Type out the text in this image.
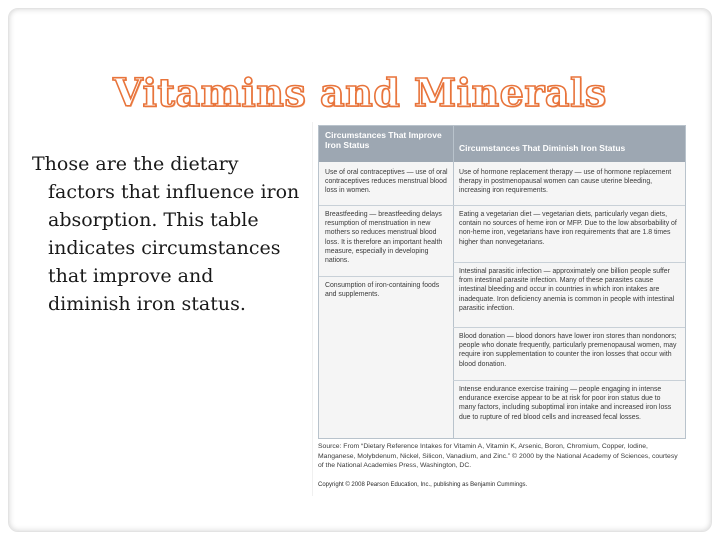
Vitamins and Minerals

Those are the dietary factors that influence iron absorption. This table indicates circumstances that improve and diminish iron status.

Circumstances That Improve Iron Status	Circumstances That Diminish Iron Status
Use of oral contraceptives — use of oral contraceptives reduces menstrual blood loss in women.
Breastfeeding — breastfeeding delays resumption of menstruation in new mothers so reduces menstrual blood loss. It is therefore an important health measure, especially in developing nations.
Consumption of iron-containing foods and supplements.
Use of hormone replacement therapy — use of hormone replacement therapy in postmenopausal women can cause uterine bleeding, increasing iron requirements.
Eating a vegetarian diet — vegetarian diets, particularly vegan diets, contain no sources of heme iron or MFP. Due to the low absorbability of non-heme iron, vegetarians have iron requirements that are 1.8 times higher than nonvegetarians.
Intestinal parasitic infection — approximately one billion people suffer from intestinal parasite infection. Many of these parasites cause intestinal bleeding and occur in countries in which iron intakes are inadequate. Iron deficiency anemia is common in people with intestinal parasitic infection.
Blood donation — blood donors have lower iron stores than nondonors; people who donate frequently, particularly premenopausal women, may require iron supplementation to counter the iron losses that occur with blood donation.
Intense endurance exercise training — people engaging in intense endurance exercise appear to be at risk for poor iron status due to many factors, including suboptimal iron intake and increased iron loss due to rupture of red blood cells and increased fecal losses.
Source: From “Dietary Reference Intakes for Vitamin A, Vitamin K, Arsenic, Boron, Chromium, Copper, Iodine, Manganese, Molybdenum, Nickel, Silicon, Vanadium, and Zinc.” © 2000 by the National Academy of Sciences, courtesy of the National Academies Press, Washington, DC.
Copyright © 2008 Pearson Education, Inc., publishing as Benjamin Cummings.
